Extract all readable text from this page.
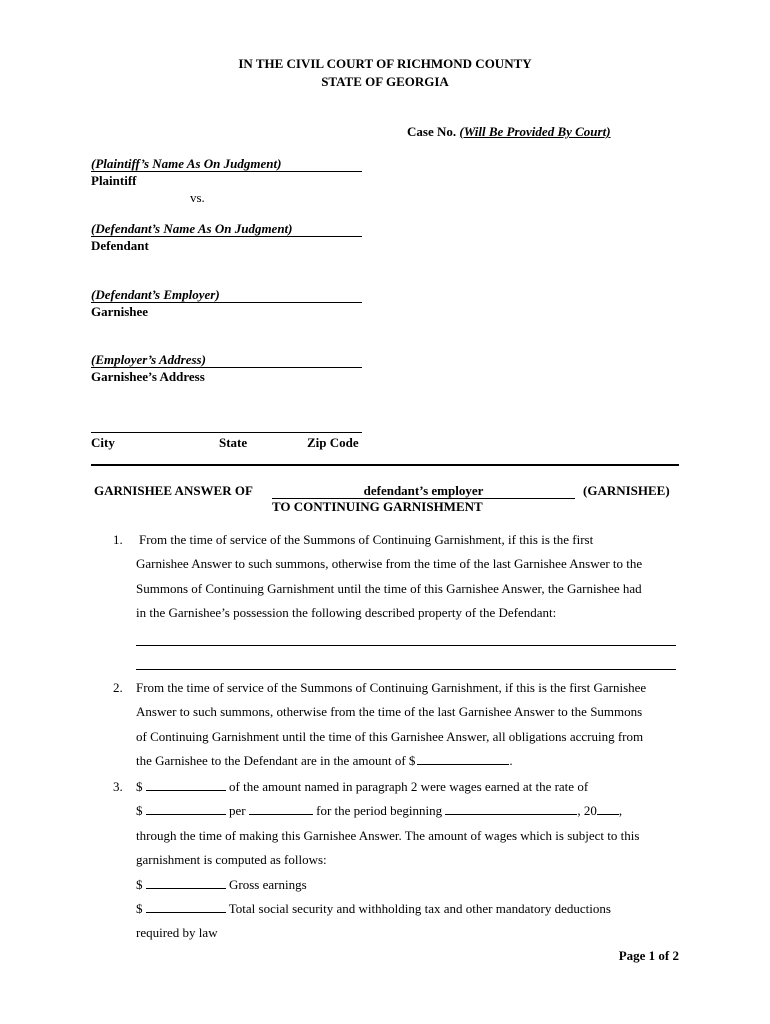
IN THE CIVIL COURT OF RICHMOND COUNTY
STATE OF GEORGIA
Case No. (Will Be Provided By Court)
(Plaintiff’s Name As On Judgment)
Plaintiff
vs.
(Defendant’s Name As On Judgment)
Defendant
(Defendant’s Employer)
Garnishee
(Employer’s Address)
Garnishee’s Address
City	State	Zip Code
GARNISHEE ANSWER OF	defendant’s employer	(GARNISHEE)
TO CONTINUING GARNISHMENT
1. From the time of service of the Summons of Continuing Garnishment, if this is the first
Garnishee Answer to such summons, otherwise from the time of the last Garnishee Answer to the
Summons of Continuing Garnishment until the time of this Garnishee Answer, the Garnishee had
in the Garnishee’s possession the following described property of the Defendant:
2. From the time of service of the Summons of Continuing Garnishment, if this is the first Garnishee
Answer to such summons, otherwise from the time of the last Garnishee Answer to the Summons
of Continuing Garnishment until the time of this Garnishee Answer, all obligations accruing from
the Garnishee to the Defendant are in the amount of $	.
3. $	of the amount named in paragraph 2 were wages earned at the rate of
$	per	for the period beginning	, 20 ,
through the time of making this Garnishee Answer. The amount of wages which is subject to this
garnishment is computed as follows:
$	Gross earnings
$	Total social security and withholding tax and other mandatory deductions
required by law
Page 1 of 2
